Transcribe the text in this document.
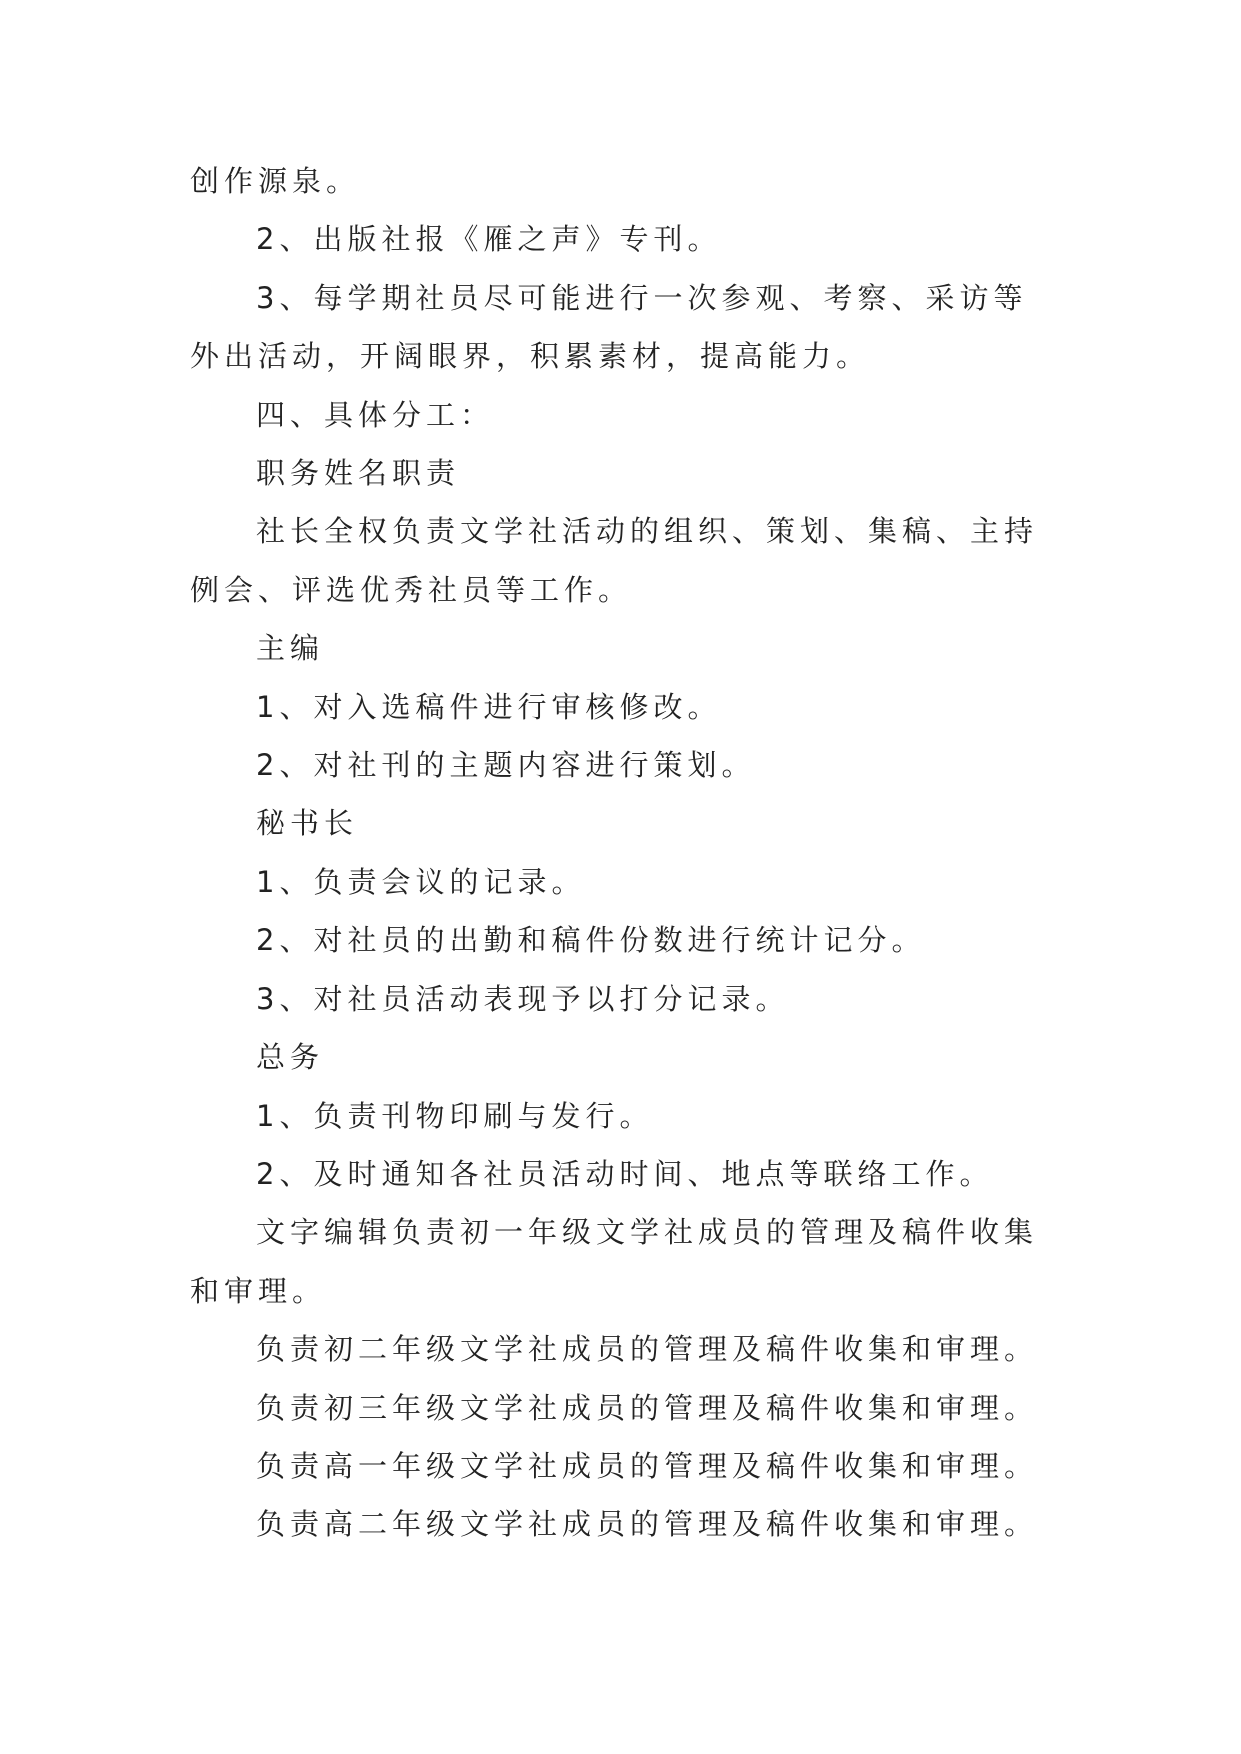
创作源泉。

2、出版社报《雁之声》专刊。

3、每学期社员尽可能进行一次参观、考察、采访等外出活动，开阔眼界，积累素材，提高能力。

四、具体分工：

职务姓名职责

社长全权负责文学社活动的组织、策划、集稿、主持例会、评选优秀社员等工作。

主编

1、对入选稿件进行审核修改。

2、对社刊的主题内容进行策划。

秘书长

1、负责会议的记录。

2、对社员的出勤和稿件份数进行统计记分。

3、对社员活动表现予以打分记录。

总务

1、负责刊物印刷与发行。

2、及时通知各社员活动时间、地点等联络工作。

文字编辑负责初一年级文学社成员的管理及稿件收集和审理。

负责初二年级文学社成员的管理及稿件收集和审理。

负责初三年级文学社成员的管理及稿件收集和审理。

负责高一年级文学社成员的管理及稿件收集和审理。

负责高二年级文学社成员的管理及稿件收集和审理。
